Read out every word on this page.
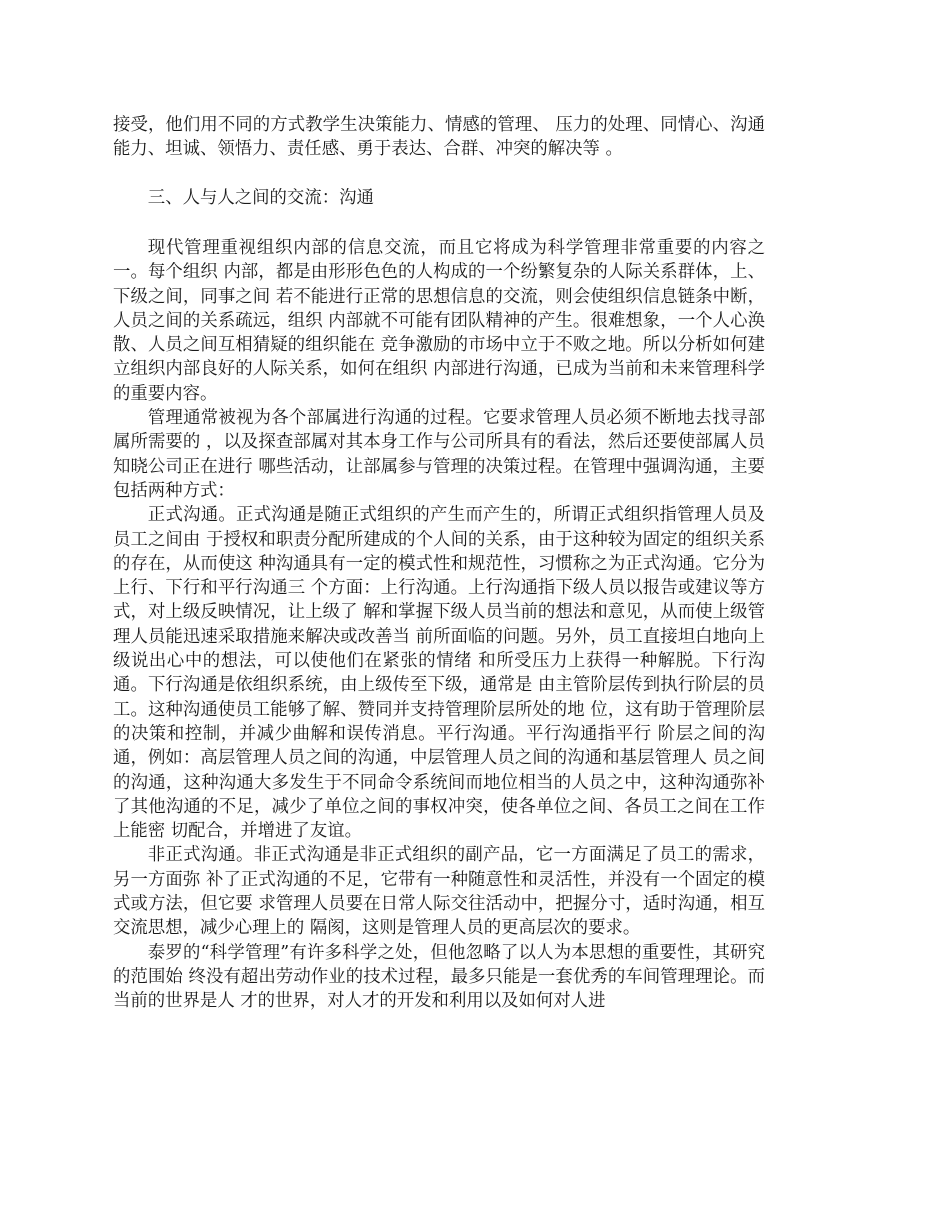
接受，他们用不同的方式教学生决策能力、情感的管理、 压力的处理、同情心、沟通能力、坦诚、领悟力、责任感、勇于表达、合群、冲突的解决等 。

三、人与人之间的交流：沟通

现代管理重视组织内部的信息交流，而且它将成为科学管理非常重要的内容之一。每个组织 内部，都是由形形色色的人构成的一个纷繁复杂的人际关系群体，上、下级之间，同事之间 若不能进行正常的思想信息的交流，则会使组织信息链条中断，人员之间的关系疏远，组织 内部就不可能有团队精神的产生。很难想象，一个人心涣散、人员之间互相猜疑的组织能在 竞争激励的市场中立于不败之地。所以分析如何建立组织内部良好的人际关系，如何在组织 内部进行沟通，已成为当前和未来管理科学的重要内容。

管理通常被视为各个部属进行沟通的过程。它要求管理人员必须不断地去找寻部属所需要的 ，以及探查部属对其本身工作与公司所具有的看法，然后还要使部属人员知晓公司正在进行 哪些活动，让部属参与管理的决策过程。在管理中强调沟通，主要包括两种方式：

正式沟通。正式沟通是随正式组织的产生而产生的，所谓正式组织指管理人员及员工之间由 于授权和职责分配所建成的个人间的关系，由于这种较为固定的组织关系的存在，从而使这 种沟通具有一定的模式性和规范性，习惯称之为正式沟通。它分为上行、下行和平行沟通三 个方面：上行沟通。上行沟通指下级人员以报告或建议等方式，对上级反映情况，让上级了 解和掌握下级人员当前的想法和意见，从而使上级管理人员能迅速采取措施来解决或改善当 前所面临的问题。另外，员工直接坦白地向上级说出心中的想法，可以使他们在紧张的情绪 和所受压力上获得一种解脱。下行沟通。下行沟通是依组织系统，由上级传至下级，通常是 由主管阶层传到执行阶层的员工。这种沟通使员工能够了解、赞同并支持管理阶层所处的地 位，这有助于管理阶层的决策和控制，并减少曲解和误传消息。平行沟通。平行沟通指平行 阶层之间的沟通，例如：高层管理人员之间的沟通，中层管理人员之间的沟通和基层管理人 员之间的沟通，这种沟通大多发生于不同命令系统间而地位相当的人员之中，这种沟通弥补 了其他沟通的不足，减少了单位之间的事权冲突，使各单位之间、各员工之间在工作上能密 切配合，并增进了友谊。

非正式沟通。非正式沟通是非正式组织的副产品，它一方面满足了员工的需求，另一方面弥 补了正式沟通的不足，它带有一种随意性和灵活性，并没有一个固定的模式或方法，但它要 求管理人员要在日常人际交往活动中，把握分寸，适时沟通，相互交流思想，减少心理上的 隔阂，这则是管理人员的更高层次的要求。

泰罗的“科学管理”有许多科学之处，但他忽略了以人为本思想的重要性，其研究的范围始 终没有超出劳动作业的技术过程，最多只能是一套优秀的车间管理理论。而当前的世界是人 才的世界，对人才的开发和利用以及如何对人进
